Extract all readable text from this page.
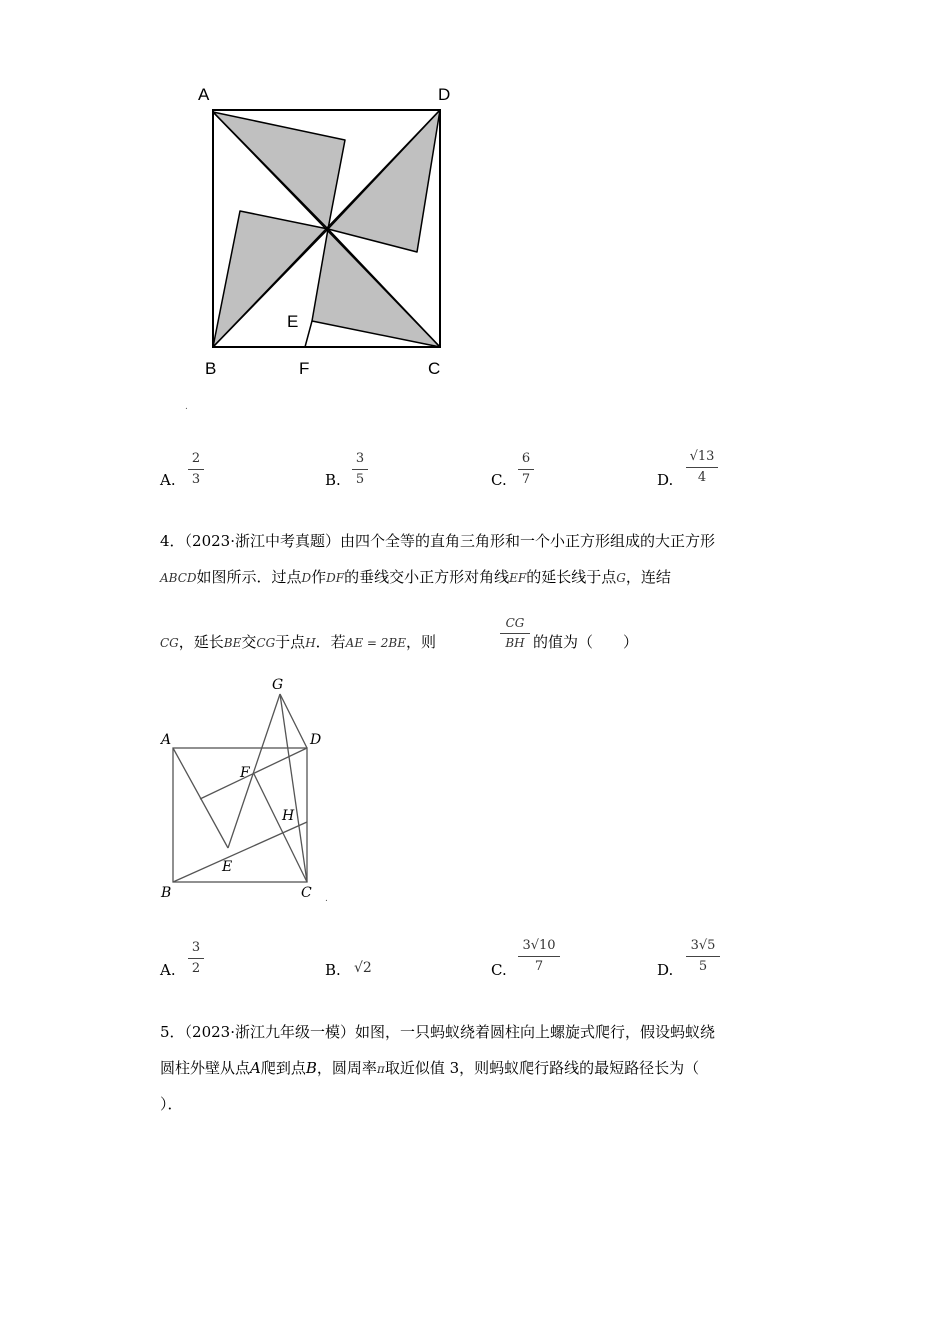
A	D
E
B	F	C
.
A.
2
3	B.
3
5	C.
6
7	D.
√13
4
4．（2023·浙江中考真题）由四个全等的直角三角形和一个小正方形组成的大正方形
ABCD如图所示．过点D作DF的垂线交小正方形对角线EF的延长线于点G，连结
CG，延长BE交CG于点H．若AE = 2BE，则
CG
BH 的值为（　　）
G
A	D
F
H
E
B	C .
A.
3
2	B. √2	C.
3√10
7	D.
3√5
5
5．（2023·浙江九年级一模）如图，一只蚂蚁绕着圆柱向上螺旋式爬行，假设蚂蚁绕
圆柱外壁从点A爬到点B，圆周率π取近似值 3，则蚂蚁爬行路线的最短路径长为（
）．
